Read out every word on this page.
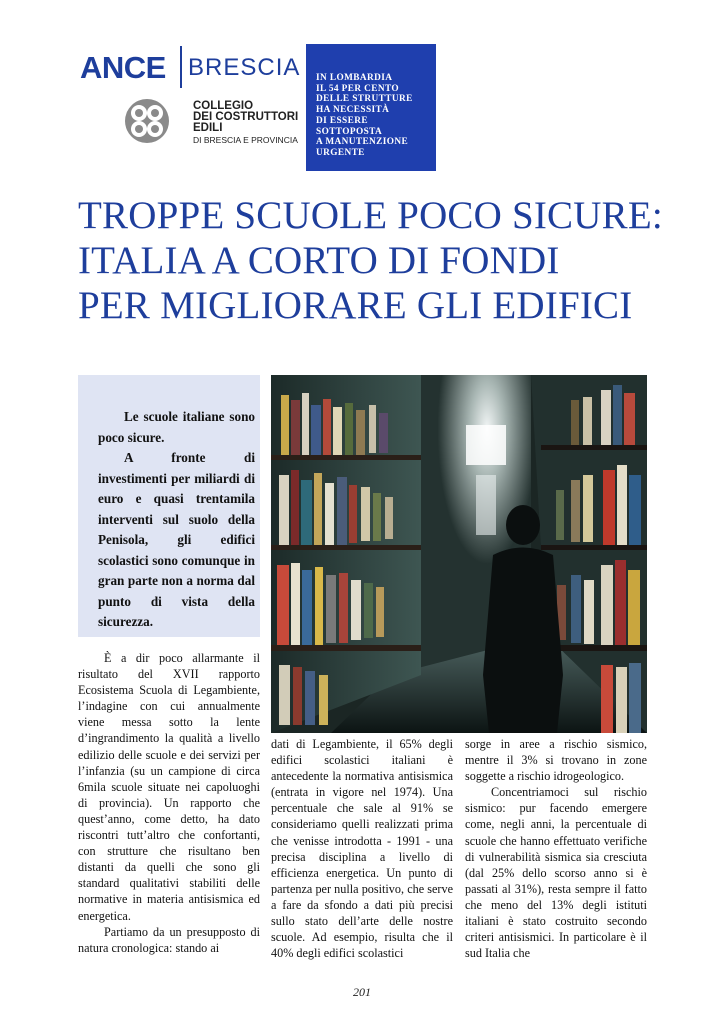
ANCE BRESCIA
COLLEGIO
DEI COSTRUTTORI
EDILI
DI BRESCIA E PROVINCIA
IN LOMBARDIA
IL 54 PER CENTO
DELLE STRUTTURE
HA NECESSITÀ
DI ESSERE
SOTTOPOSTA
A MANUTENZIONE
URGENTE
TROPPE SCUOLE POCO SICURE:
ITALIA A CORTO DI FONDI
PER MIGLIORARE GLI EDIFICI

Le scuole italiane sono poco sicure.

A fronte di investimenti per miliardi di euro e quasi trentamila interventi sul suolo della Penisola, gli edifici scolastici sono comunque in gran parte non a norma dal punto di vista della sicurezza.

È a dir poco allarmante il risultato del XVII rapporto Ecosistema Scuola di Legambiente, l’indagine con cui annualmente viene messa sotto la lente d’ingrandimento la qualità a livello edilizio delle scuole e dei servizi per l’infanzia (su un campione di circa 6mila scuole situate nei capoluoghi di provincia). Un rapporto che quest’anno, come detto, ha dato riscontri tutt’altro che confortanti, con strutture che risultano ben distanti da quelli che sono gli standard qualitativi stabiliti delle normative in materia antisismica ed energetica.

Partiamo da un presupposto di natura cronologica: stando ai

dati di Legambiente, il 65% degli edifici scolastici italiani è antecedente la normativa antisismica (entrata in vigore nel 1974). Una percentuale che sale al 91% se consideriamo quelli realizzati prima che venisse introdotta - 1991 - una precisa disciplina a livello di efficienza energetica. Un punto di partenza per nulla positivo, che serve a fare da sfondo a dati più precisi sullo stato dell’arte delle nostre scuole. Ad esempio, risulta che il 40% degli edifici scolastici

sorge in aree a rischio sismico, mentre il 3% si trovano in zone soggette a rischio idrogeologico.

Concentriamoci sul rischio sismico: pur facendo emergere come, negli anni, la percentuale di scuole che hanno effettuato verifiche di vulnerabilità sismica sia cresciuta (dal 25% dello scorso anno si è passati al 31%), resta sempre il fatto che meno del 13% degli istituti italiani è stato costruito secondo criteri antisismici. In particolare è il sud Italia che

201
